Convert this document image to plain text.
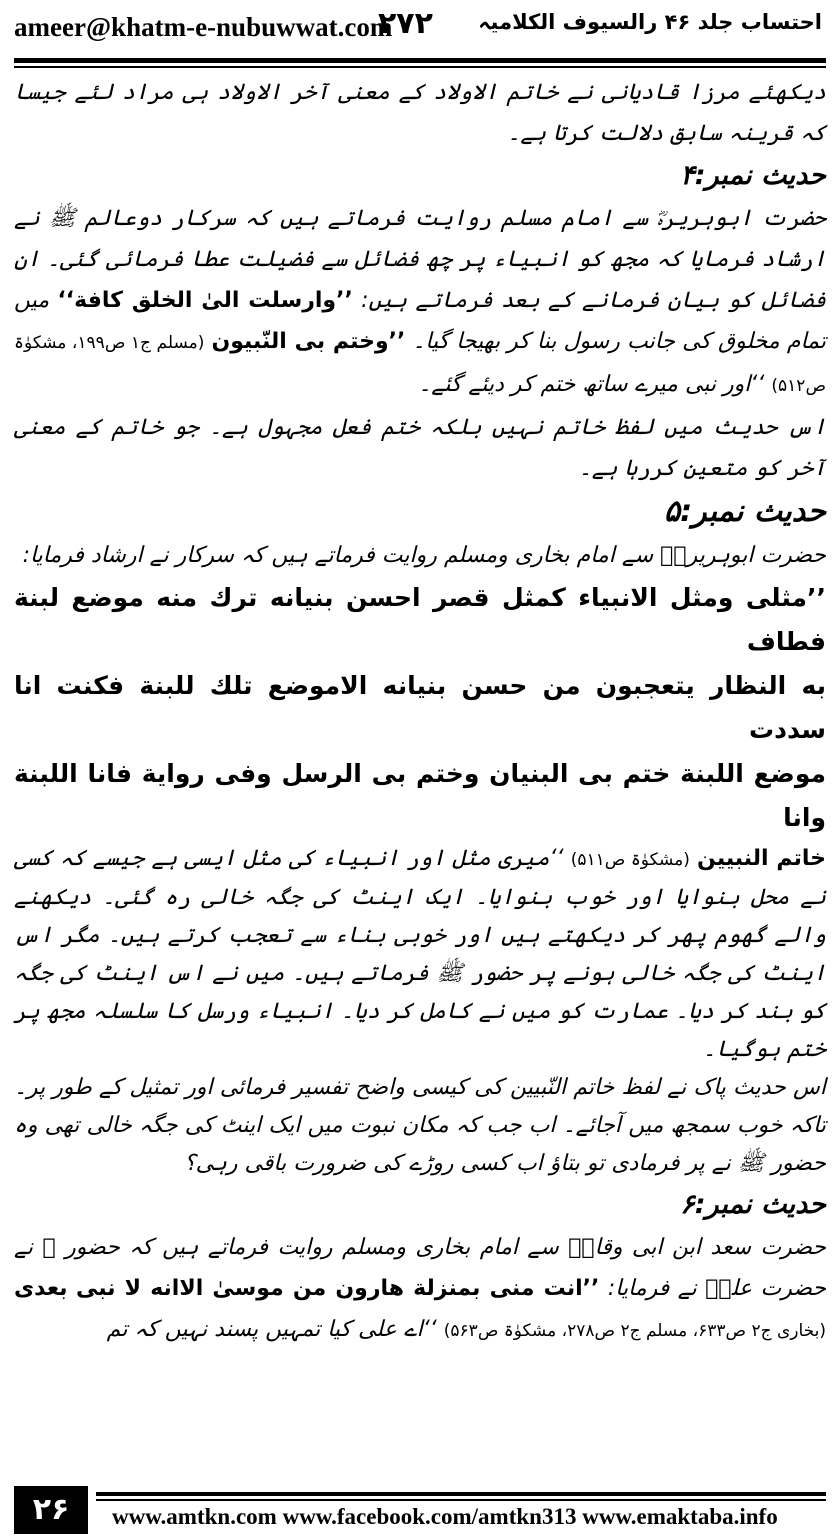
ameer@khatm-e-nubuwwat.com
۲۷۲ احتساب جلد ۴۶ رالسیوف الکلامیہ

دیکھئے مرزا قادیانی نے خاتم الاولاد کے معنی آخر الاولاد ہی مراد لئے جیسا کہ قرینہ سابق دلالت کرتا ہے۔

حدیث نمبر:۴

حضرت ابوہریرہؓ سے امام مسلم روایت فرماتے ہیں کہ سرکار دوعالم ﷺ نے ارشاد فرمایا کہ مجھ کو انبیاء پر چھ فضائل سے فضیلت عطا فرمائی گئی۔ ان فضائل کو بیان فرمانے کے بعد فرماتے ہیں: ’’وارسلت الیٰ الخلق کافة‘‘ میں تمام مخلوق کی جانب رسول بنا کر بھیجا گیا۔ ’’وختم بی النّبیون (مسلم ج۱ ص۱۹۹، مشکوٰۃ ص۵۱۲) ‘‘اور نبی میرے ساتھ ختم کر دیئے گئے۔

اس حدیث میں لفظ خاتم نہیں بلکہ ختم فعل مجہول ہے۔ جو خاتم کے معنی آخر کو متعین کررہا ہے۔

حدیث نمبر:۵

حضرت ابوہریرہؓ سے امام بخاری ومسلم روایت فرماتے ہیں کہ سرکار نے ارشاد فرمایا:

’’مثلی ومثل الانبیاء کمثل قصر احسن بنیانه ترك منه موضع لبنة فطاف

به النظار یتعجبون من حسن بنیانه الاموضع تلك للبنة فکنت انا سددت

موضع اللبنة ختم بی البنیان وختم بی الرسل وفی روایة فانا اللبنة وانا

خاتم النبیین (مشکوٰۃ ص۵۱۱) ‘‘میری مثل اور انبیاء کی مثل ایسی ہے جیسے کہ کسی نے محل بنوایا اور خوب بنوایا۔ ایک اینٹ کی جگہ خالی رہ گئی۔ دیکھنے والے گھوم پھر کر دیکھتے ہیں اور خوبی بناء سے تعجب کرتے ہیں۔ مگر اس اینٹ کی جگہ خالی ہونے پر حضور ﷺ فرماتے ہیں۔ میں نے اس اینٹ کی جگہ کو بند کر دیا۔ عمارت کو میں نے کامل کر دیا۔ انبیاء ورسل کا سلسلہ مجھ پر ختم ہوگیا۔

اس حدیث پاک نے لفظ خاتم النّبیین کی کیسی واضح تفسیر فرمائی اور تمثیل کے طور پر۔ تاکہ خوب سمجھ میں آجائے۔ اب جب کہ مکان نبوت میں ایک اینٹ کی جگہ خالی تھی وہ حضور ﷺ نے پر فرمادی تو بتاؤ اب کسی روڑے کی ضرورت باقی رہی؟

حدیث نمبر:۶

حضرت سعد ابن ابی وقاصؓ سے امام بخاری ومسلم روایت فرماتے ہیں کہ حضور ﷺ نے حضرت علیؓ نے فرمایا: ’’انت منی بمنزلة هارون من موسیٰ الاانه لا نبی بعدی (بخاری ج۲ ص۶۳۳، مسلم ج۲ ص۲۷۸، مشکوٰۃ ص۵۶۳) ‘‘اے علی کیا تمہیں پسند نہیں کہ تم

۲۶	www.amtkn.com www.facebook.com/amtkn313 www.emaktaba.info
